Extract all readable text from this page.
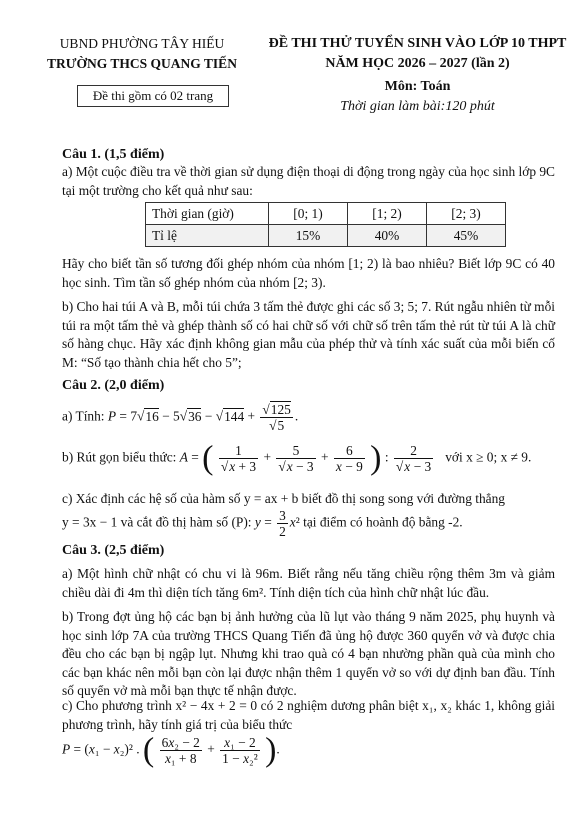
UBND PHƯỜNG TÂY HIẾU
TRƯỜNG THCS QUANG TIẾN
Đề thi gồm có 02 trang
ĐỀ THI THỬ TUYỂN SINH VÀO LỚP 10 THPT
NĂM HỌC 2026 – 2027 (lần 2)
Môn: Toán
Thời gian làm bài:120 phút
Câu 1. (1,5 điểm)
a) Một cuộc điều tra về thời gian sử dụng điện thoại di động trong ngày của học sinh lớp 9C tại một trường cho kết quả như sau:
Thời gian (giờ)	[0; 1)	[1; 2)	[2; 3)
Tỉ lệ	15%	40%	45%
Hãy cho biết tần số tương đối ghép nhóm của nhóm [1; 2) là bao nhiêu? Biết lớp 9C có 40 học sinh. Tìm tần số ghép nhóm của nhóm [2; 3).
b) Cho hai túi A và B, mỗi túi chứa 3 tấm thẻ được ghi các số 3; 5; 7. Rút ngẫu nhiên từ mỗi túi ra một tấm thẻ và ghép thành số có hai chữ số với chữ số trên tấm thẻ rút từ túi A là chữ số hàng chục. Hãy xác định không gian mẫu của phép thử và tính xác suất của mỗi biến cố M: “Số tạo thành chia hết cho 5”;
Câu 2. (2,0 điểm)
a) Tính: $P = 7√16 - 5√36 - √144 + \frac{√125}{√5}$ .
b) Rút gọn biểu thức: A = ( $\frac{1}{√x + 3} + \frac{5}{√x - 3} + \frac{6}{x - 9}$ ) : $\frac{2}{√x - 3}$ với x ≥ 0; x ≠ 9.
c) Xác định các hệ số của hàm số y = ax + b biết đồ thị song song với đường thẳng
y = 3x − 1 và cắt đồ thị hàm số (P): $y = \frac{3}{2} x^2$ tại điểm có hoành độ bằng -2.
Câu 3. (2,5 điểm)
a) Một hình chữ nhật có chu vi là 96m. Biết rằng nếu tăng chiều rộng thêm 3m và giảm chiều dài đi 4m thì diện tích tăng 6m². Tính diện tích của hình chữ nhật lúc đầu.
b) Trong đợt ủng hộ các bạn bị ảnh hưởng của lũ lụt vào tháng 9 năm 2025, phụ huynh và học sinh lớp 7A của trường THCS Quang Tiến đã ủng hộ được 360 quyển vở và được chia đều cho các bạn bị ngập lụt. Nhưng khi trao quà có 4 bạn nhường phần quà của mình cho các bạn khác nên mỗi bạn còn lại được nhận thêm 1 quyển vở so với dự định ban đầu. Tính số quyển vở mà mỗi bạn thực tế nhận được.
c) Cho phương trình x² − 4x + 2 = 0 có 2 nghiệm dương phân biệt x₁, x₂ khác 1, không giải phương trình, hãy tính giá trị của biểu thức
P = (x₁ − x₂)² . ( $\frac{\text{6x₂ − 2}}{\text{x₁ + 8}} + \frac{\text{x₁ − 2}}{\text{1 − x₂²}}$ ).
